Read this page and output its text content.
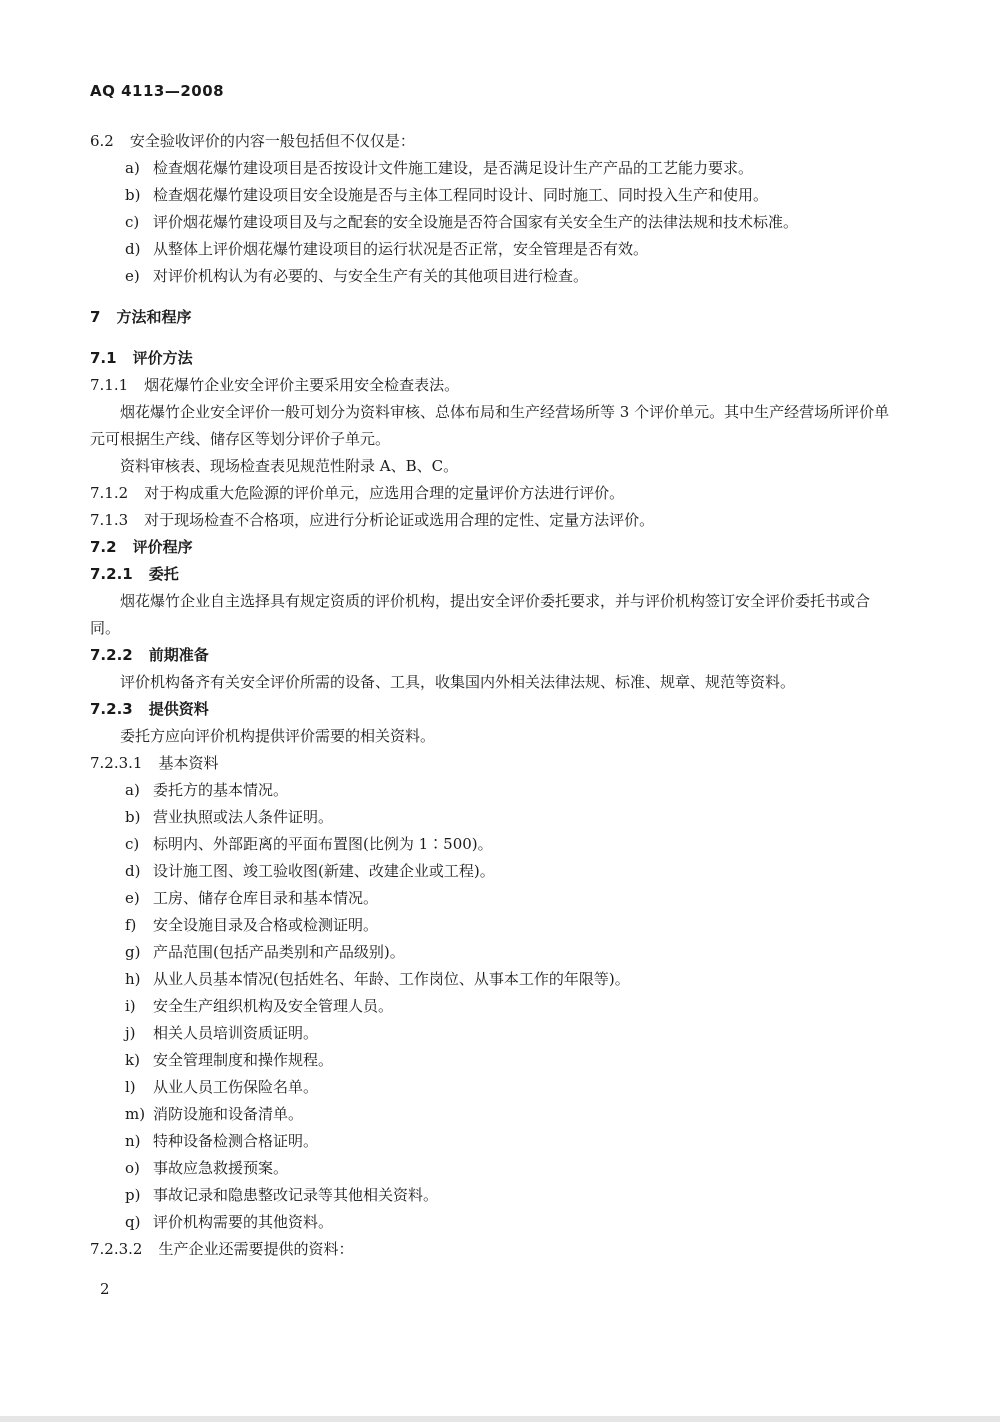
AQ 4113—2008
6.2 安全验收评价的内容一般包括但不仅仅是：
a) 检查烟花爆竹建设项目是否按设计文件施工建设，是否满足设计生产产品的工艺能力要求。
b) 检查烟花爆竹建设项目安全设施是否与主体工程同时设计、同时施工、同时投入生产和使用。
c) 评价烟花爆竹建设项目及与之配套的安全设施是否符合国家有关安全生产的法律法规和技术标准。
d) 从整体上评价烟花爆竹建设项目的运行状况是否正常，安全管理是否有效。
e) 对评价机构认为有必要的、与安全生产有关的其他项目进行检查。
7 方法和程序
7.1 评价方法
7.1.1 烟花爆竹企业安全评价主要采用安全检查表法。
烟花爆竹企业安全评价一般可划分为资料审核、总体布局和生产经营场所等 3 个评价单元。其中生产经营场所评价单元可根据生产线、储存区等划分评价子单元。
资料审核表、现场检查表见规范性附录 A、B、C。
7.1.2 对于构成重大危险源的评价单元，应选用合理的定量评价方法进行评价。
7.1.3 对于现场检查不合格项，应进行分析论证或选用合理的定性、定量方法评价。
7.2 评价程序
7.2.1 委托
烟花爆竹企业自主选择具有规定资质的评价机构，提出安全评价委托要求，并与评价机构签订安全评价委托书或合同。
7.2.2 前期准备
评价机构备齐有关安全评价所需的设备、工具，收集国内外相关法律法规、标准、规章、规范等资料。
7.2.3 提供资料
委托方应向评价机构提供评价需要的相关资料。
7.2.3.1 基本资料
a) 委托方的基本情况。
b) 营业执照或法人条件证明。
c) 标明内、外部距离的平面布置图(比例为 1∶500)。
d) 设计施工图、竣工验收图(新建、改建企业或工程)。
e) 工房、储存仓库目录和基本情况。
f)	安全设施目录及合格或检测证明。
g) 产品范围(包括产品类别和产品级别)。
h) 从业人员基本情况(包括姓名、年龄、工作岗位、从事本工作的年限等)。
i)	安全生产组织机构及安全管理人员。
j)	相关人员培训资质证明。
k) 安全管理制度和操作规程。
l)	从业人员工伤保险名单。
m) 消防设施和设备清单。
n) 特种设备检测合格证明。
o) 事故应急救援预案。
p) 事故记录和隐患整改记录等其他相关资料。
q) 评价机构需要的其他资料。
7.2.3.2 生产企业还需要提供的资料：
2
